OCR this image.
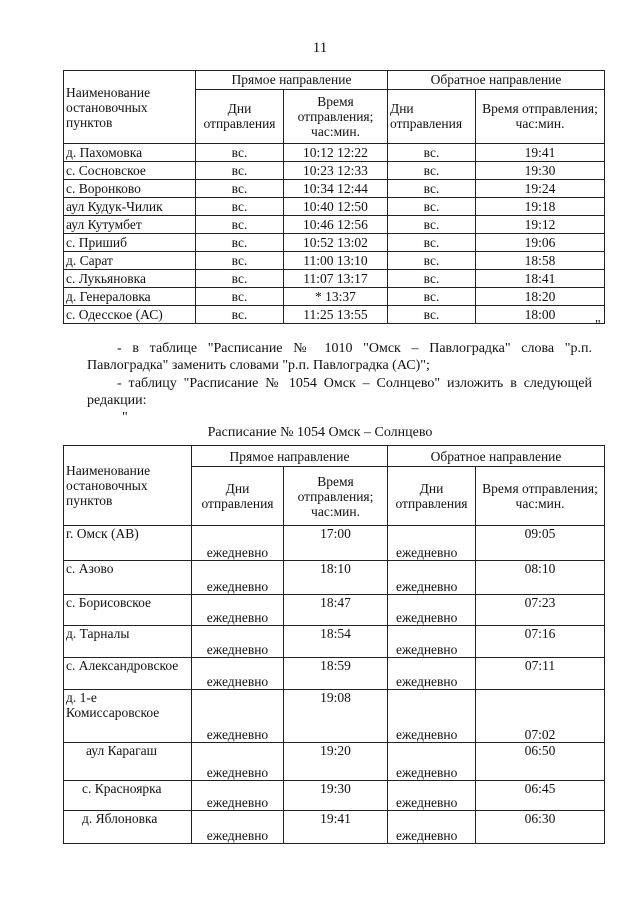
11
Наименование остановочных пунктов	Прямое направление		Обратное направление	
	Дни отправления	Время отправления; час:мин.	Дни отправления	Время отправления; час:мин.
д. Пахомовка	вс.	10:12 12:22	вс.	19:41
с. Сосновское	вс.	10:23 12:33	вс.	19:30
с. Воронково	вс.	10:34 12:44	вс.	19:24
аул Кудук-Чилик	вс.	10:40 12:50	вс.	19:18
аул Кутумбет	вс.	10:46 12:56	вс.	19:12
с. Пришиб	вс.	10:52 13:02	вс.	19:06
д. Сарат	вс.	11:00 13:10	вс.	18:58
с. Лукьяновка	вс.	11:07 13:17	вс.	18:41
д. Генераловка	вс.	* 13:37	вс.	18:20
с. Одесское (АС)	вс.	11:25 13:55	вс.	18:00
"
- в таблице "Расписание № 1010 "Омск – Павлоградка" слова "р.п. Павлоградка" заменить словами "р.п. Павлоградка (АС)";
- таблицу "Расписание № 1054 Омск – Солнцево" изложить в следующей редакции:
"
Расписание № 1054 Омск – Солнцево
Наименование остановочных пунктов	Прямое направление		Обратное направление	
	Дни отправления	Время отправления; час:мин.	Дни отправления	Время отправления; час:мин.
г. Омск (АВ)	ежедневно	17:00	ежедневно	09:05
с. Азово	ежедневно	18:10	ежедневно	08:10
с. Борисовское	ежедневно	18:47	ежедневно	07:23
д. Тарналы	ежедневно	18:54	ежедневно	07:16
с. Александровское	ежедневно	18:59	ежедневно	07:11
д. 1-е Комиссаровское	ежедневно	19:08	ежедневно	07:02
аул Карагаш	ежедневно	19:20	ежедневно	06:50
с. Красноярка	ежедневно	19:30	ежедневно	06:45
д. Яблоновка	ежедневно	19:41	ежедневно	06:30
